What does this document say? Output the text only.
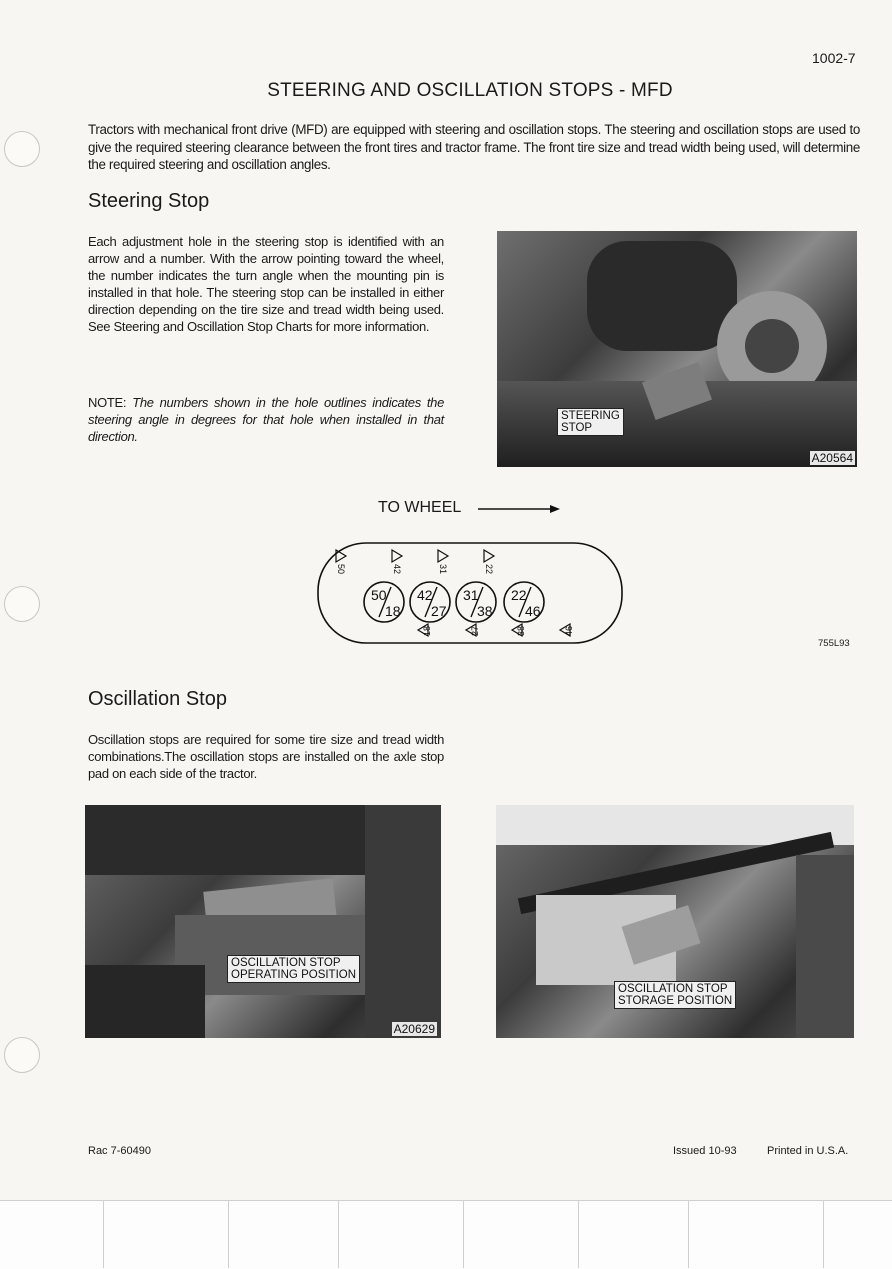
1002-7
STEERING AND OSCILLATION STOPS - MFD
Tractors with mechanical front drive (MFD) are equipped with steering and oscillation stops. The steering and oscillation stops are used to give the required steering clearance between the front tires and tractor frame. The front tire size and tread width being used, will determine the required steering and oscillation angles.
Steering Stop
Each adjustment hole in the steering stop is identified with an arrow and a number. With the arrow pointing toward the wheel, the number indicates the turn angle when the mounting pin is installed in that hole. The steering stop can be installed in either direction depending on the tire size and tread width being used. See Steering and Oscillation Stop Charts for more information.
NOTE: The numbers shown in the hole outlines indicates the steering angle in degrees for that hole when installed in that direction.
STEERING
STOP
A20564
TO WHEEL
50
18
42
27
31
38
22
46
50	42	31	22
18	27	38	46
755L93
Oscillation Stop
Oscillation stops are required for some tire size and tread width combinations.The oscillation stops are installed on the axle stop pad on each side of the tractor.
OSCILLATION STOP
OPERATING POSITION
A20629
OSCILLATION STOP
STORAGE POSITION
Rac 7-60490	Issued 10-93	Printed in U.S.A.
